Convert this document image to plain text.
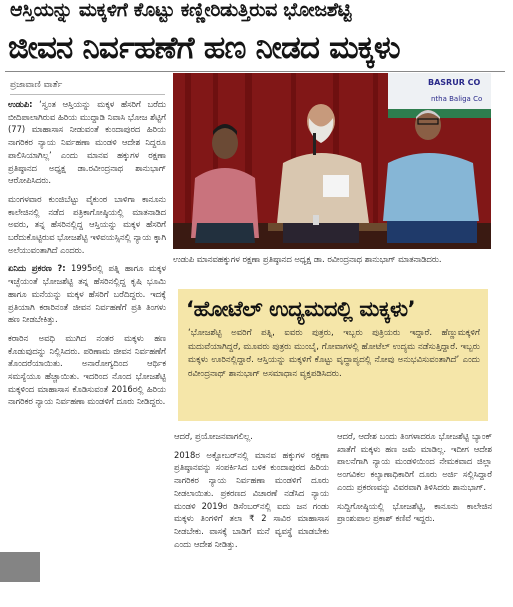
ಆಸ್ತಿಯನ್ನು ಮಕ್ಕಳಿಗೆ ಕೊಟ್ಟು ಕಣ್ಣೀರಿಡುತ್ತಿರುವ ಭೋಜಶೆಟ್ಟಿ
ಜೀವನ ನಿರ್ವಹಣೆಗೆ ಹಣ ನೀಡದ ಮಕ್ಕಳು
ಪ್ರಜಾವಾಣಿ ವಾರ್ತೆ

ಉಡುಪಿ: ‘ಸ್ವಂತ ಆಸ್ತಿಯನ್ನು ಮಕ್ಕಳ ಹೆಸರಿಗೆ ಬರೆದು ಬೀದಿಪಾಲಾಗಿರುವ ಹಿರಿಯ ಮುದ್ದಾಡಿ ನಿವಾಸಿ ಭೋಜ ಶೆಟ್ಟಿಗೆ (77) ಮಾಹಾಸಾಸ ನೀಡುವಂತೆ ಕುಂದಾಪುರದ ಹಿರಿಯ ನಾಗರಿಕರ ನ್ಯಾಯ ನಿರ್ವಹಣಾ ಮಂಡಳಿ ಆದೇಶ ನಿದ್ದರೂ ಪಾಲಿಸಿಯಾಗಿಲ್ಲ’ ಎಂದು ಮಾನವ ಹಕ್ಕುಗಳ ರಕ್ಷಣಾ ಪ್ರತಿಷ್ಠಾನದ ಅಧ್ಯಕ್ಷ ಡಾ.ರವೀಂದ್ರನಾಥ ಶಾನುಭಾಗ್ ಆರೋಪಿಸಿದರು.

ಮಂಗಳವಾರ ಕುಂಜಿಬೆಟ್ಟು ವೈಕುಂಠ ಬಾಳಿಗಾ ಕಾನೂನು ಕಾಲೇಜಿನಲ್ಲಿ ನಡೆದ ಪತ್ರಿಕಾಗೋಷ್ಠಿಯಲ್ಲಿ ಮಾತನಾಡಿದ ಅವರು, ತನ್ನ ಹೆಸರಿನಲ್ಲಿದ್ದ ಆಸ್ತಿಯನ್ನು ಮಕ್ಕಳ ಹೆಸರಿಗೆ ಬರೆದುಕೊಟ್ಟಿರುವ ಭೋಜಶೆಟ್ಟಿ ಇಳಿವಯಸ್ಸಿನಲ್ಲಿ ನ್ಯಾಯ ಕ್ಕಾಗಿ ಅಲೆಯುವಂತಾಗಿದೆ ಎಂದರು.

ಏನಿದು ಪ್ರಕರಣ ?: 1995ರಲ್ಲಿ ಪತ್ನಿ ಹಾಗೂ ಮಕ್ಕಳ ಇಚ್ಛೆಯಂತೆ ಭೋಜಶೆಟ್ಟಿ ತನ್ನ ಹೆಸರಿನಲ್ಲಿದ್ದ ಕೃಷಿ ಭೂಮಿ ಹಾಗೂ ಮನೆಯನ್ನು ಮಕ್ಕಳ ಹೆಸರಿಗೆ ಬರೆದಿದ್ದರು. ಇದಕ್ಕೆ ಪ್ರತಿಯಾಗಿ ಕರಾರಿನಂತೆ ಜೀವನ ನಿರ್ವಹಣೆಗೆ ಪ್ರತಿ ತಿಂಗಳು ಹಣ ನೀಡಬೇಕಿತ್ತು.

ಕರಾರಿನ ಅವಧಿ ಮುಗಿದ ನಂತರ ಮಕ್ಕಳು ಹಣ ಕೊಡುವುದನ್ನು ನಿಲ್ಲಿಸಿದರು. ಪರಿಣಾಮ ಜೀವನ ನಿರ್ವಹಣೆಗೆ ತೊಂದರೆಯಾಯಿತು. ಅನಾರೋಗ್ಯದಿಂದ ಆರ್ಥಿಕ ಸಮಸ್ಯೆಯೂ ಹೆಚ್ಚಾಯಿತು. ಇದರಿಂದ ನೊಂದ ಭೋಜಶೆಟ್ಟಿ ಮಕ್ಕಳಿಂದ ಮಾಹಾಸಾಸ ಕೊಡಿಸುವಂತೆ 2016ರಲ್ಲಿ ಹಿರಿಯ ನಾಗರಿಕರ ನ್ಯಾಯ ನಿರ್ವಹಣಾ ಮಂಡಳಿಗೆ ದೂರು ನೀಡಿದ್ದರು.

BASRUR CO
ntha Baliga Co
ಉಡುಪಿ ಮಾನವಹಕ್ಕುಗಳ ರಕ್ಷಣಾ ಪ್ರತಿಷ್ಠಾನದ ಅಧ್ಯಕ್ಷ ಡಾ. ರವೀಂದ್ರನಾಥ ಶಾನುಭಾಗ್ ಮಾತನಾಡಿದರು.
‘ಹೋಟೆಲ್ ಉದ್ಯಮದಲ್ಲಿ ಮಕ್ಕಳು’
‘ಭೋಜಶೆಟ್ಟಿ ಅವರಿಗೆ ಪತ್ನಿ, ಐವರು ಪುತ್ರರು, ಇಬ್ಬರು ಪುತ್ರಿಯರು ಇದ್ದಾರೆ. ಹೆಣ್ಣುಮಕ್ಕಳಿಗೆ ಮದುವೆಯಾಗಿದ್ದರೆ, ಮೂವರು ಪುತ್ರರು ಮುಂಬೈ, ಗೋವಾಗಳಲ್ಲಿ ಹೋಟೆಲ್ ಉದ್ಯಮ ನಡೆಸುತ್ತಿದ್ದಾರೆ. ಇಬ್ಬರು ಮಕ್ಕಳು ಊರಿನಲ್ಲಿದ್ದಾರೆ. ಆಸ್ತಿಯನ್ನು ಮಕ್ಕಳಿಗೆ ಕೊಟ್ಟು ವೃದ್ಧಾಪ್ಯದಲ್ಲಿ ನೋವು ಅನುಭವಿಸುವಂತಾಗಿದೆ’ ಎಂದು ರವೀಂದ್ರನಾಥ್ ಶಾನುಭಾಗ್ ಅಸಮಾಧಾನ ವ್ಯಕ್ತಪಡಿಸಿದರು.

ಆದರೆ, ಪ್ರಯೋಜನವಾಗಲಿಲ್ಲ.

2018ರ ಅಕ್ಟೋಬರ್‌ನಲ್ಲಿ ಮಾನವ ಹಕ್ಕುಗಳ ರಕ್ಷಣಾ ಪ್ರತಿಷ್ಠಾನವನ್ನು ಸಂಪರ್ಕಿಸಿದ ಬಳಿಕ ಕುಂದಾಪುರದ ಹಿರಿಯ ನಾಗರಿಕರ ನ್ಯಾಯ ನಿರ್ವಹಣಾ ಮಂಡಳಿಗೆ ದೂರು ನೀಡಲಾಯಿತು. ಪ್ರಕರಣದ ವಿಚಾರಣೆ ನಡೆಸಿದ ನ್ಯಾಯ ಮಂಡಳಿ 2019ರ ಡಿಸೆಂಬರ್‌ನಲ್ಲಿ ಐದು ಜನ ಗಂಡು ಮಕ್ಕಳು ತಿಂಗಳಿಗೆ ತಲಾ ₹ 2 ಸಾವಿರ ಮಾಹಾಸಾಸ ನೀಡಬೇಕು. ವಾಸಕ್ಕೆ ಬಾಡಿಗೆ ಮನೆ ವ್ಯವಸ್ಥೆ ಮಾಡಬೇಕು ಎಂದು ಆದೇಶ ನೀಡಿತ್ತು.

ಆದರೆ, ಆದೇಶ ಬಂದು ತಿಂಗಳಾದರೂ ಭೋಜಶೆಟ್ಟಿ ಬ್ಯಾಂಕ್ ಖಾತೆಗೆ ಮಕ್ಕಳು ಹಣ ಜಮೆ ಮಾಡಿಲ್ಲ. ಇದೀಗ ಆದೇಶ ಪಾಲನೆಗಾಗಿ ನ್ಯಾಯ ಮಂಡಳಿಯಿಂದ ನೇಮಕವಾದ ಜಿಲ್ಲಾ ಅಂಗವಿಕಲ ಕಲ್ಯಾಣಾಧಿಕಾರಿಗೆ ದೂರು ಅರ್ಜಿ ಸಲ್ಲಿಸಿದ್ದಾರೆ ಎಂದು ಪ್ರಕರಣವನ್ನು ವಿವರವಾಗಿ ತಿಳಿಸಿದರು ಶಾನುಭಾಗ್.

ಸುದ್ದಿಗೋಷ್ಠಿಯಲ್ಲಿ ಭೋಜಶೆಟ್ಟಿ, ಕಾನೂನು ಕಾಲೇಜಿನ ಪ್ರಾಂಶುಪಾಲ ಪ್ರಕಾಶ್ ಕಣಿವೆ ಇದ್ದರು.
